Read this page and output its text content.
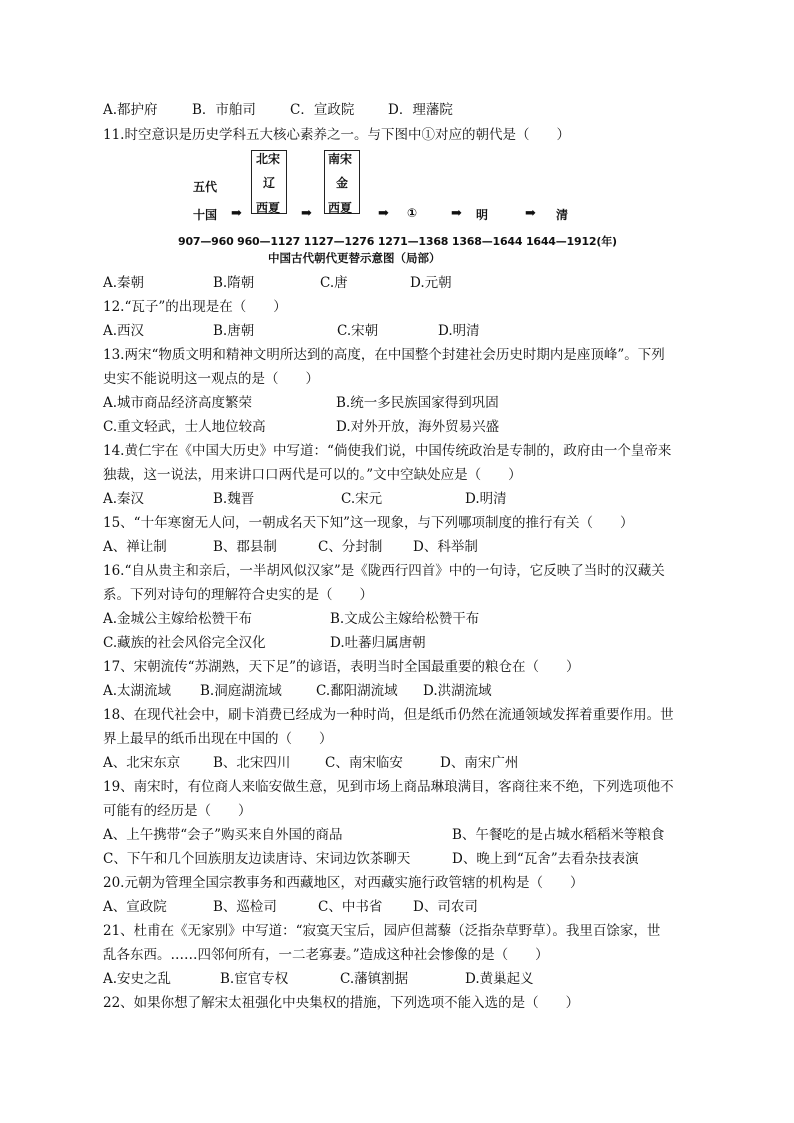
A.都护府	B．市舶司	C．宣政院 D．理藩院
11.时空意识是历史学科五大核心素养之一。与下图中①对应的朝代是（　　）
北宋
辽
西夏
南宋
金
西夏
五代
十国 ➡	➡	➡ ①	➡ 明	➡ 清
907—960 960—1127 1127—1276 1271—1368 1368—1644 1644—1912(年)
中国古代朝代更替示意图（局部）
A.秦朝	B.隋朝	C.唐	D.元朝
12.“瓦子”的出现是在（　　）
A.西汉	B.唐朝	C.宋朝	D.明清
13.两宋“物质文明和精神文明所达到的高度，在中国整个封建社会历史时期内是座顶峰”。下列
史实不能说明这一观点的是（　　）
A.城市商品经济高度繁荣	B.统一多民族国家得到巩固
C.重文轻武，士人地位较高	D.对外开放，海外贸易兴盛
14.黄仁宇在《中国大历史》中写道：“倘使我们说，中国传统政治是专制的，政府由一个皇帝来
独裁，这一说法，用来讲口口两代是可以的。”文中空缺处应是（　　）
A.秦汉	B.魏晋	C.宋元	D.明清
15、“十年寒窗无人问，一朝成名天下知”这一现象，与下列哪项制度的推行有关（　　）
A、禅让制	B、郡县制	C、分封制 D、科举制
16.“自从贵主和亲后，一半胡风似汉家”是《陇西行四首》中的一句诗，它反映了当时的汉藏关
系。下列对诗句的理解符合史实的是（　　）
A.金城公主嫁给松赞干布	B.文成公主嫁给松赞干布
C.藏族的社会风俗完全汉化	D.吐蕃归属唐朝
17、宋朝流传“苏湖熟，天下足”的谚语，表明当时全国最重要的粮仓在（　　）
A.太湖流域 B.洞庭湖流域	C.鄱阳湖流域 D.洪湖流域
18、在现代社会中，刷卡消费已经成为一种时尚，但是纸币仍然在流通领域发挥着重要作用。世
界上最早的纸币出现在中国的（　　）
A、北宋东京 B、北宋四川	C、南宋临安	D、南宋广州
19、南宋时，有位商人来临安做生意，见到市场上商品琳琅满目，客商往来不绝，下列选项他不
可能有的经历是（　　）
A、上午携带“会子”购买来自外国的商品	B、午餐吃的是占城水稻稻米等粮食
C、下午和几个回族朋友边读唐诗、宋词边饮茶聊天	D、晚上到“瓦舍”去看杂技表演
20.元朝为管理全国宗教事务和西藏地区，对西藏实施行政管辖的机构是（　　）
A、宣政院	B、巡检司	C、中书省 D、司农司
21、杜甫在《无家别》中写道：“寂寞天宝后，园庐但蒿藜（泛指杂草野草）。我里百馀家，世
乱各东西。……四邻何所有，一二老寡妻。”造成这种社会惨像的是（　　）
A.安史之乱	B.宦官专权	C.藩镇割据	D.黄巢起义
22、如果你想了解宋太祖强化中央集权的措施，下列选项不能入选的是（　　）
